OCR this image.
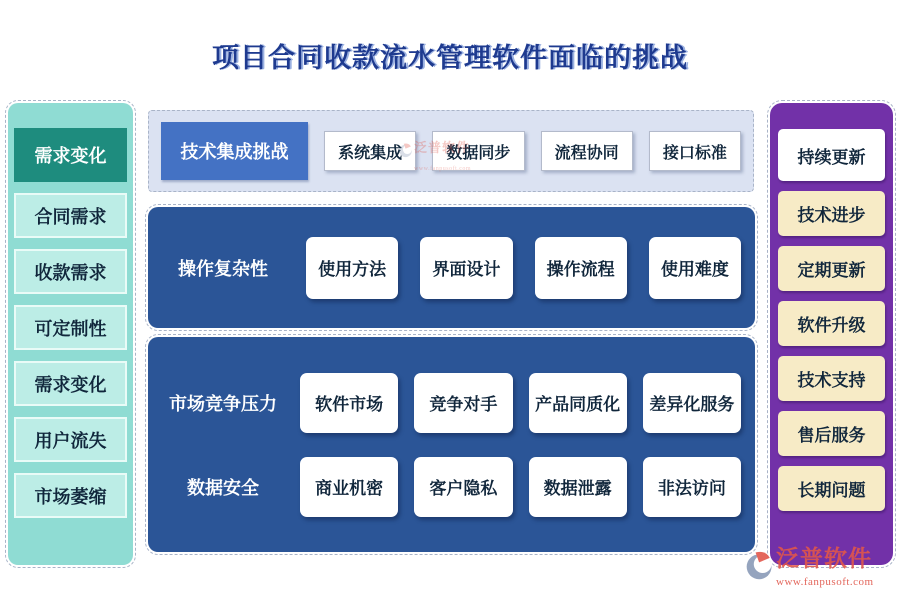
项目合同收款流水管理软件面临的挑战
需求变化
合同需求
收款需求
可定制性
需求变化
用户流失
市场萎缩
持续更新
技术进步
定期更新
软件升级
技术支持
售后服务
长期问题
技术集成挑战	系统集成	数据同步	流程协同	接口标准
泛普软件
www.fanpusoft.com
操作复杂性	使用方法	界面设计	操作流程	使用难度
市场竞争压力	软件市场	竞争对手	产品同质化	差异化服务
数据安全	商业机密	客户隐私	数据泄露	非法访问
泛普软件
www.fanpusoft.com
